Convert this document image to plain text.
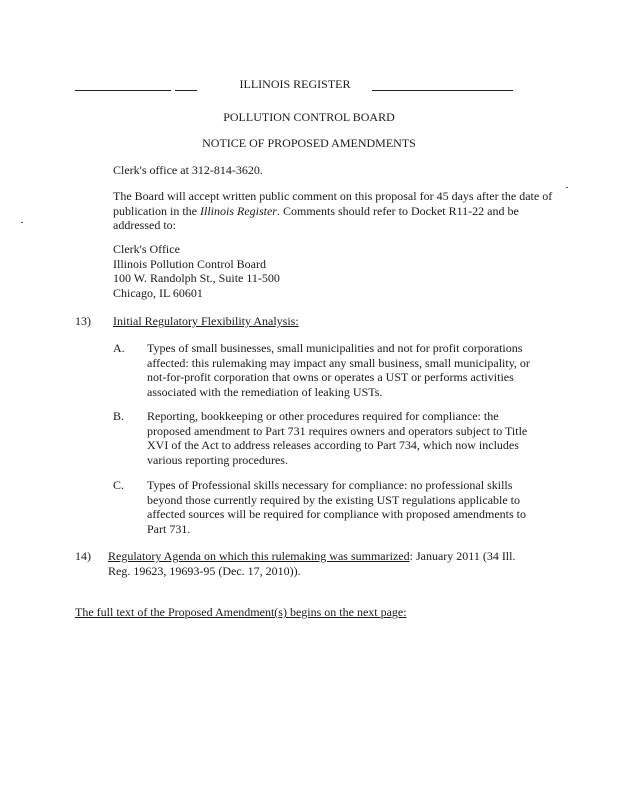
ILLINOIS REGISTER
POLLUTION CONTROL BOARD
NOTICE OF PROPOSED AMENDMENTS
Clerk's office at 312-814-3620.
The Board will accept written public comment on this proposal for 45 days after the date of publication in the Illinois Register. Comments should refer to Docket R11-22 and be addressed to:
Clerk's Office
Illinois Pollution Control Board
100 W. Randolph St., Suite 11-500
Chicago, IL 60601
13) Initial Regulatory Flexibility Analysis:
A. Types of small businesses, small municipalities and not for profit corporations affected: this rulemaking may impact any small business, small municipality, or not-for-profit corporation that owns or operates a UST or performs activities associated with the remediation of leaking USTs.
B. Reporting, bookkeeping or other procedures required for compliance: the proposed amendment to Part 731 requires owners and operators subject to Title XVI of the Act to address releases according to Part 734, which now includes various reporting procedures.
C. Types of Professional skills necessary for compliance: no professional skills beyond those currently required by the existing UST regulations applicable to affected sources will be required for compliance with proposed amendments to Part 731.
14) Regulatory Agenda on which this rulemaking was summarized: January 2011 (34 Ill. Reg. 19623, 19693-95 (Dec. 17, 2010)).
The full text of the Proposed Amendment(s) begins on the next page:
